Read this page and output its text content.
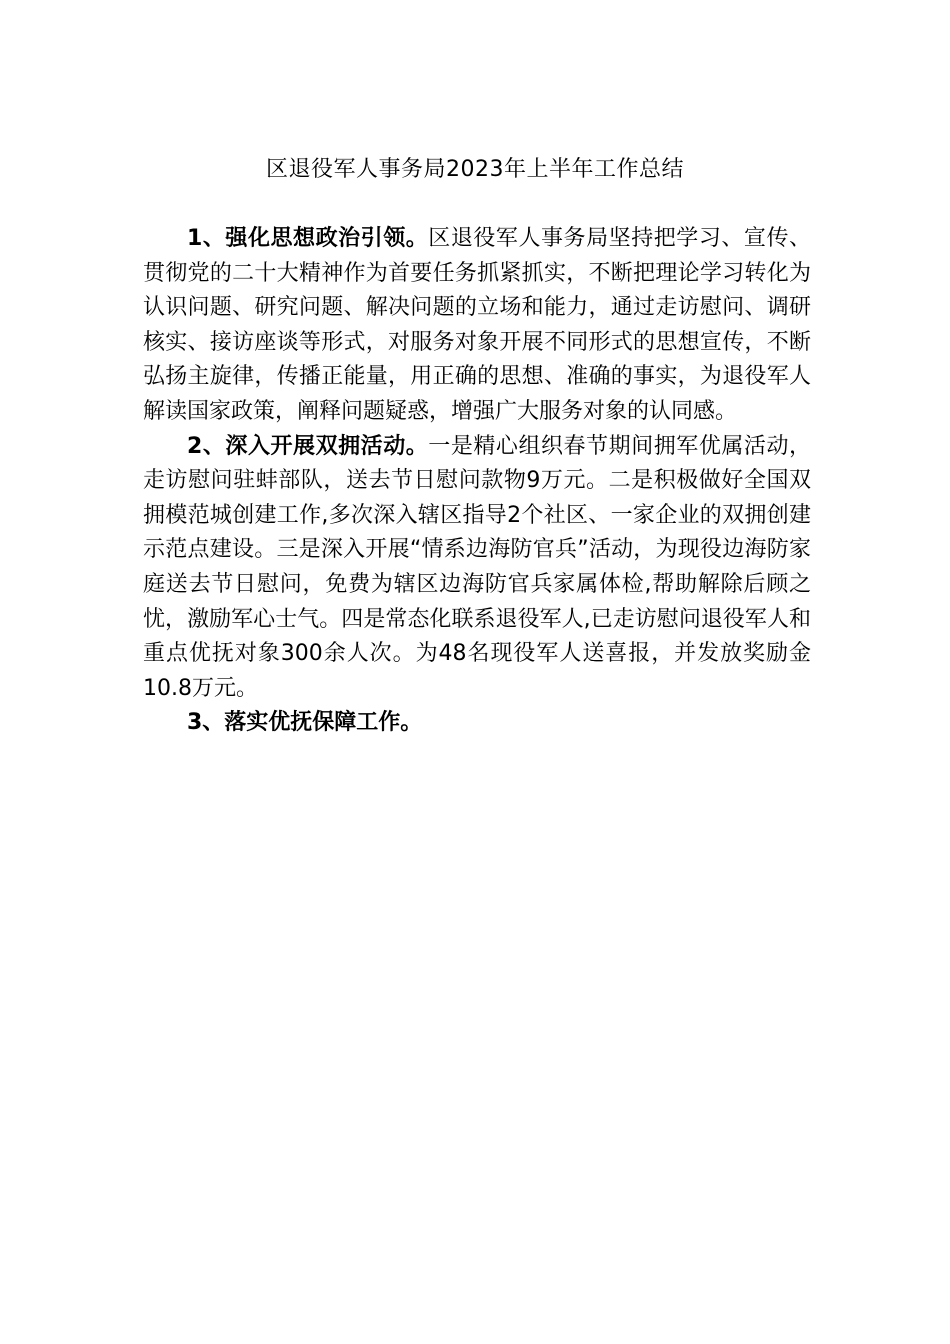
区退役军人事务局2023年上半年工作总结

1、强化思想政治引领。区退役军人事务局坚持把学习、宣传、贯彻党的二十大精神作为首要任务抓紧抓实，不断把理论学习转化为认识问题、研究问题、解决问题的立场和能力，通过走访慰问、调研核实、接访座谈等形式，对服务对象开展不同形式的思想宣传，不断弘扬主旋律，传播正能量，用正确的思想、准确的事实，为退役军人解读国家政策，阐释问题疑惑，增强广大服务对象的认同感。

2、深入开展双拥活动。一是精心组织春节期间拥军优属活动，走访慰问驻蚌部队，送去节日慰问款物9万元。二是积极做好全国双拥模范城创建工作,多次深入辖区指导2个社区、一家企业的双拥创建示范点建设。三是深入开展“情系边海防官兵”活动，为现役边海防家庭送去节日慰问，免费为辖区边海防官兵家属体检,帮助解除后顾之忧，激励军心士气。四是常态化联系退役军人,已走访慰问退役军人和重点优抚对象300余人次。为48名现役军人送喜报，并发放奖励金10.8万元。

3、落实优抚保障工作。
